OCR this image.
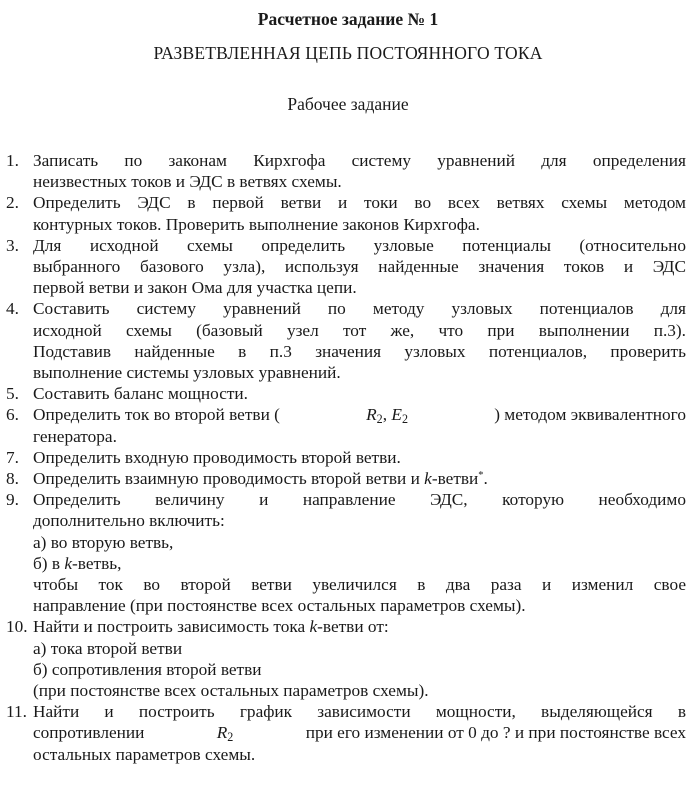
Расчетное задание № 1
РАЗВЕТВЛЕННАЯ ЦЕПЬ ПОСТОЯННОГО ТОКА
Рабочее задание
1. Записать по законам Кирхгофа систему уравнений для определения
неизвестных токов и ЭДС в ветвях схемы.
2. Определить ЭДС в первой ветви и токи во всех ветвях схемы методом
контурных токов. Проверить выполнение законов Кирхгофа.
3. Для исходной схемы определить узловые потенциалы (относительно
выбранного базового узла), используя найденные значения токов и ЭДС
первой ветви и закон Ома для участка цепи.
4. Составить систему уравнений по методу узловых потенциалов для
исходной схемы (базовый узел тот же, что при выполнении п.3).
Подставив найденные в п.3 значения узловых потенциалов, проверить
выполнение системы узловых уравнений.
5. Составить баланс мощности.
6. Определить ток во второй ветви (	$R_2$, $E_2$	) методом эквивалентного
генератора.
7. Определить входную проводимость второй ветви.
8. Определить взаимную проводимость второй ветви и k-ветви*.
9. Определить величину и направление ЭДС, которую необходимо
дополнительно включить:
а) во вторую ветвь,
б) в k-ветвь,
чтобы ток во второй ветви увеличился в два раза и изменил свое
направление (при постоянстве всех остальных параметров схемы).
10. Найти и построить зависимость тока k-ветви от:
а) тока второй ветви
б) сопротивления второй ветви
(при постоянстве всех остальных параметров схемы).
11. Найти и построить график зависимости мощности, выделяющейся в
сопротивлении	$R_2$	при его изменении от 0 до ? и при постоянстве всех
остальных параметров схемы.
